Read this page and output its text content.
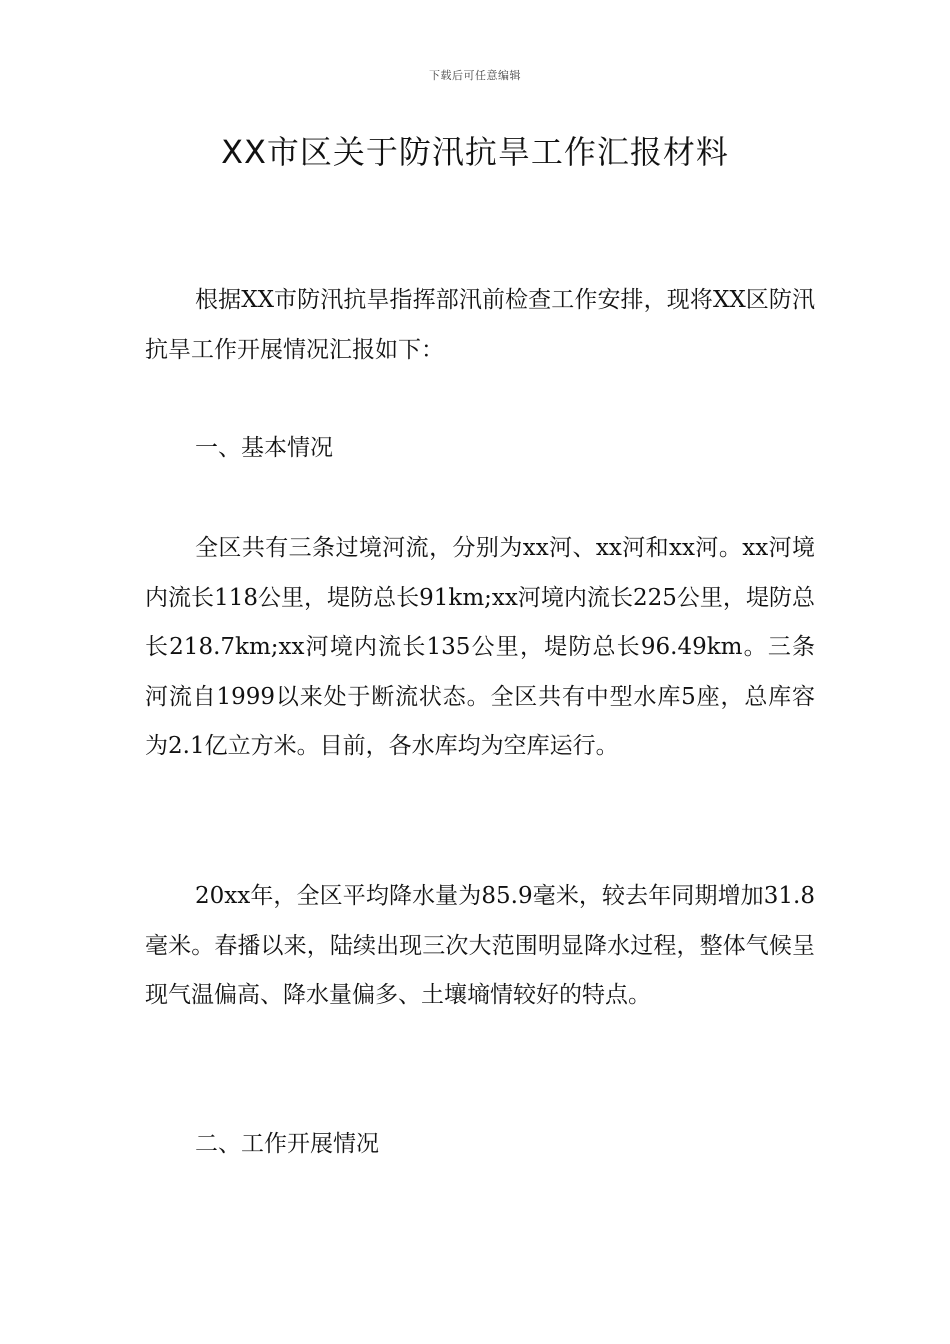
下载后可任意编辑
XX市区关于防汛抗旱工作汇报材料

根据XX市防汛抗旱指挥部汛前检查工作安排，现将XX区防汛抗旱工作开展情况汇报如下：

一、基本情况

全区共有三条过境河流，分别为xx河、xx河和xx河。xx河境内流长118公里，堤防总长91km;xx河境内流长225公里，堤防总长218.7km;xx河境内流长135公里，堤防总长96.49km。三条河流自1999以来处于断流状态。全区共有中型水库5座，总库容为2.1亿立方米。目前，各水库均为空库运行。

20xx年，全区平均降水量为85.9毫米，较去年同期增加31.8毫米。春播以来，陆续出现三次大范围明显降水过程，整体气候呈现气温偏高、降水量偏多、土壤墒情较好的特点。

二、工作开展情况
